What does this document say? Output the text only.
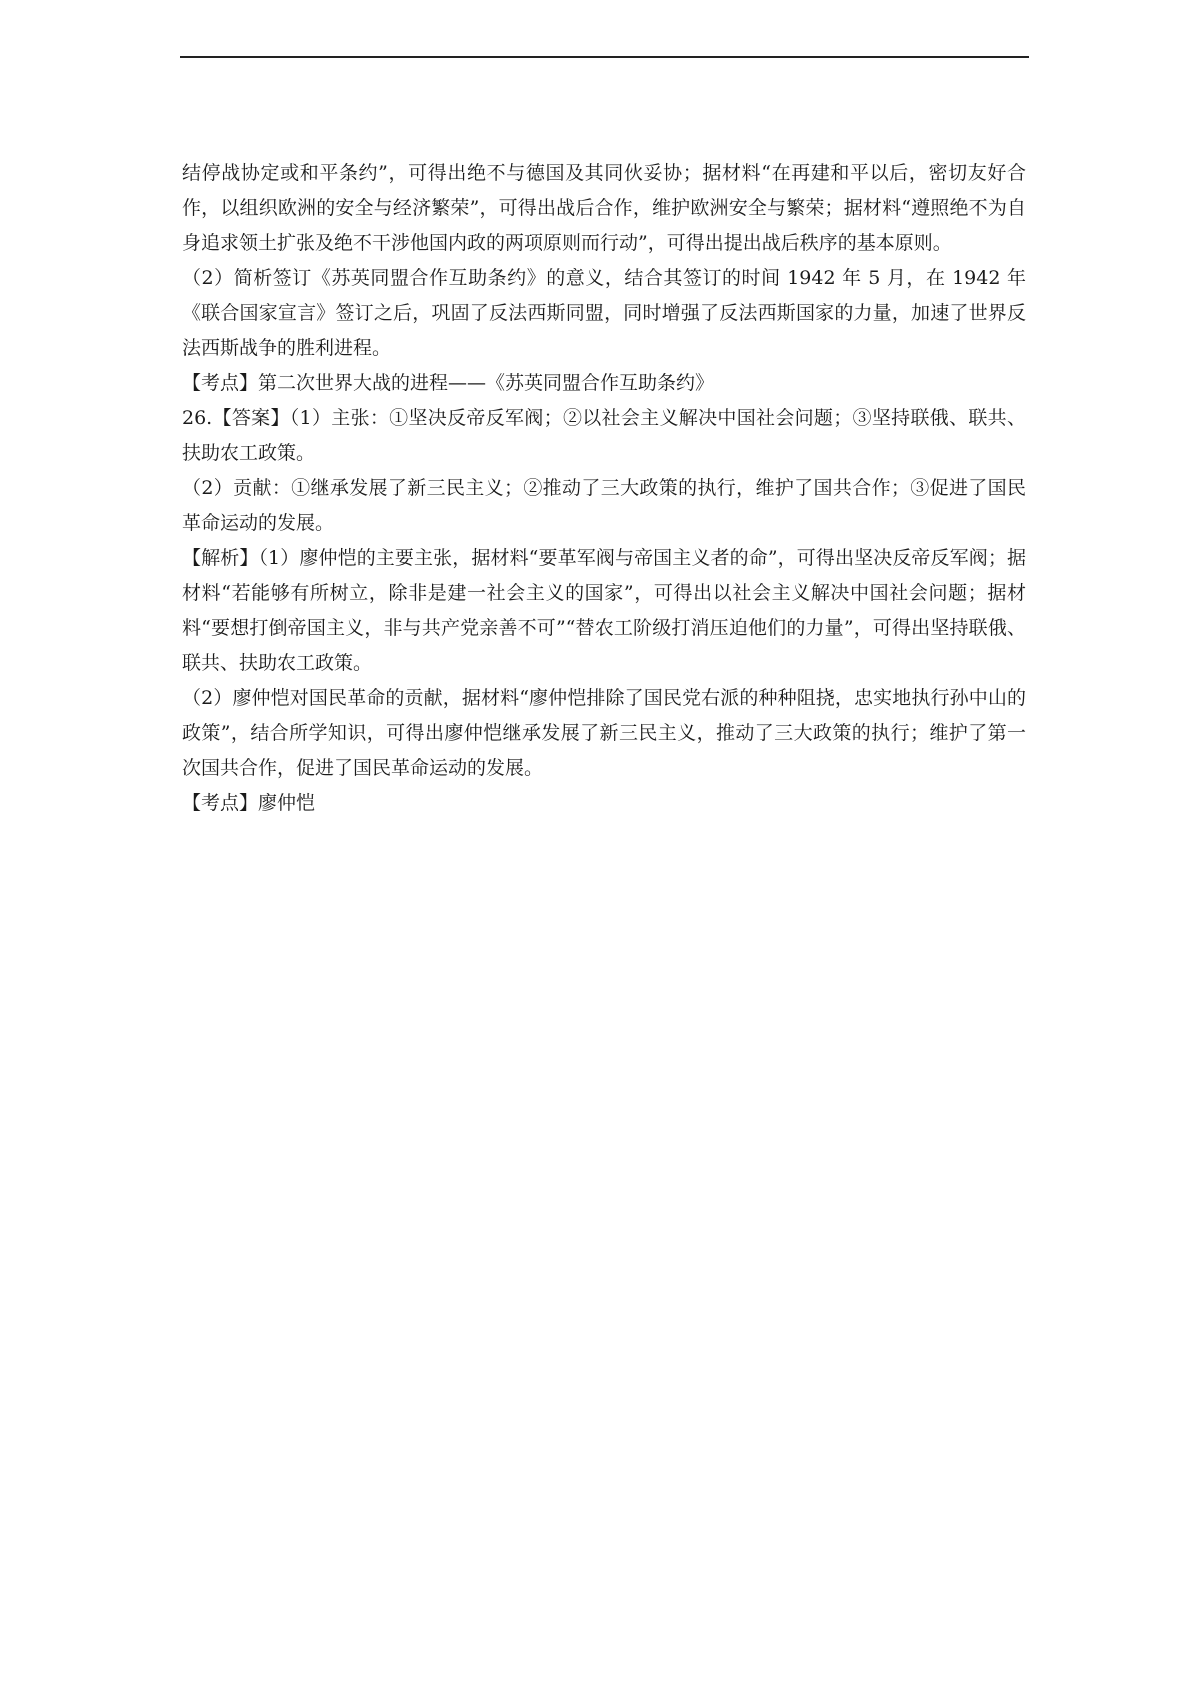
结停战协定或和平条约”，可得出绝不与德国及其同伙妥协；据材料“在再建和平以后，密切友好合作，以组织欧洲的安全与经济繁荣”，可得出战后合作，维护欧洲安全与繁荣；据材料“遵照绝不为自身追求领土扩张及绝不干涉他国内政的两项原则而行动”，可得出提出战后秩序的基本原则。

（2）简析签订《苏英同盟合作互助条约》的意义，结合其签订的时间 1942 年 5 月，在 1942 年《联合国家宣言》签订之后，巩固了反法西斯同盟，同时增强了反法西斯国家的力量，加速了世界反法西斯战争的胜利进程。

【考点】第二次世界大战的进程——《苏英同盟合作互助条约》

26.【答案】（1）主张：①坚决反帝反军阀；②以社会主义解决中国社会问题；③坚持联俄、联共、扶助农工政策。

（2）贡献：①继承发展了新三民主义；②推动了三大政策的执行，维护了国共合作；③促进了国民革命运动的发展。

【解析】（1）廖仲恺的主要主张，据材料“要革军阀与帝国主义者的命”，可得出坚决反帝反军阀；据材料“若能够有所树立，除非是建一社会主义的国家”，可得出以社会主义解决中国社会问题；据材料“要想打倒帝国主义，非与共产党亲善不可”“替农工阶级打消压迫他们的力量”，可得出坚持联俄、联共、扶助农工政策。

（2）廖仲恺对国民革命的贡献，据材料“廖仲恺排除了国民党右派的种种阻挠，忠实地执行孙中山的政策”，结合所学知识，可得出廖仲恺继承发展了新三民主义，推动了三大政策的执行；维护了第一次国共合作，促进了国民革命运动的发展。

【考点】廖仲恺
